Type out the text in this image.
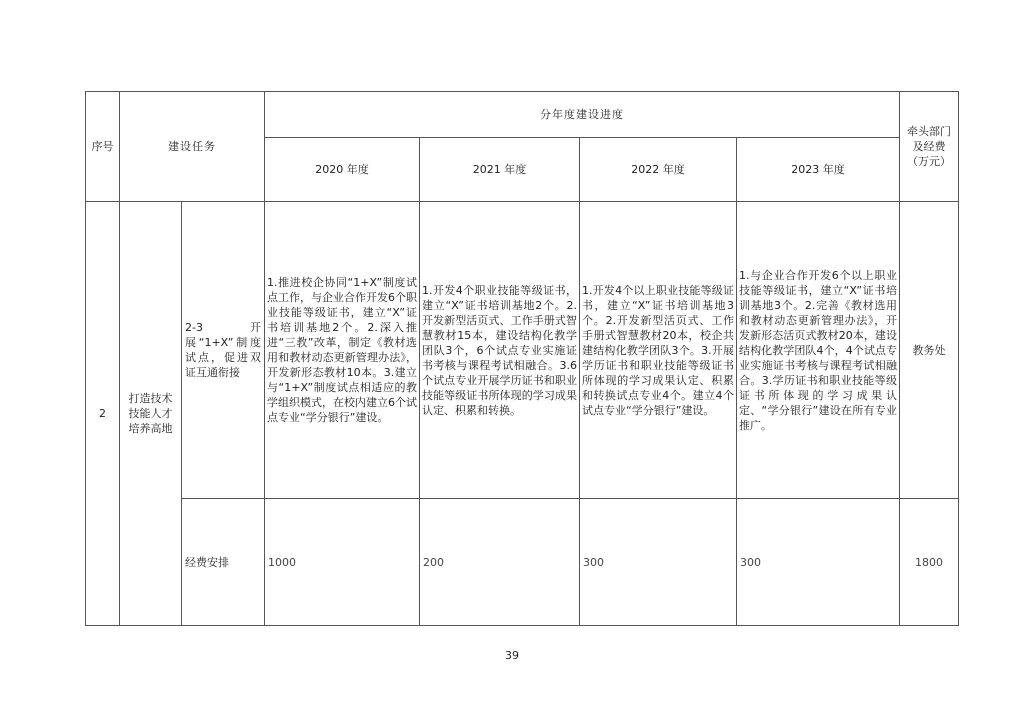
序号	建设任务		分年度建设进度				牵头部门及经费（万元）
			2020 年度	2021 年度	2022 年度	2023 年度	
2	打造技术技能人才培养高地	2-3开展“1+X”制度试点，促进双证互通衔接	1.推进校企协同“1+X”制度试点工作，与企业合作开发6个职业技能等级证书，建立“X”证书培训基地2个。2.深入推进“三教”改革，制定《教材选用和教材动态更新管理办法》，开发新形态教材10本。3.建立与“1+X”制度试点相适应的教学组织模式，在校内建立6个试点专业“学分银行”建设。	1.开发4个职业技能等级证书，建立“X”证书培训基地2个。2.开发新型活页式、工作手册式智慧教材15本，建设结构化教学团队3个，6个试点专业实施证书考核与课程考试相融合。3.6个试点专业开展学历证书和职业技能等级证书所体现的学习成果认定、积累和转换。	1.开发4个以上职业技能等级证书，建立“X”证书培训基地3个。2.开发新型活页式、工作手册式智慧教材20本，校企共建结构化教学团队3个。3.开展学历证书和职业技能等级证书所体现的学习成果认定、积累和转换试点专业4个。建立4个试点专业“学分银行”建设。	1.与企业合作开发6个以上职业技能等级证书，建立“X”证书培训基地3个。2.完善《教材选用和教材动态更新管理办法》，开发新形态活页式教材20本，建设结构化教学团队4个，4个试点专业实施证书考核与课程考试相融合。3.学历证书和职业技能等级证书所体现的学习成果认定、“学分银行”建设在所有专业推广。	教务处
		经费安排	1000	200	300	300	1800
39
